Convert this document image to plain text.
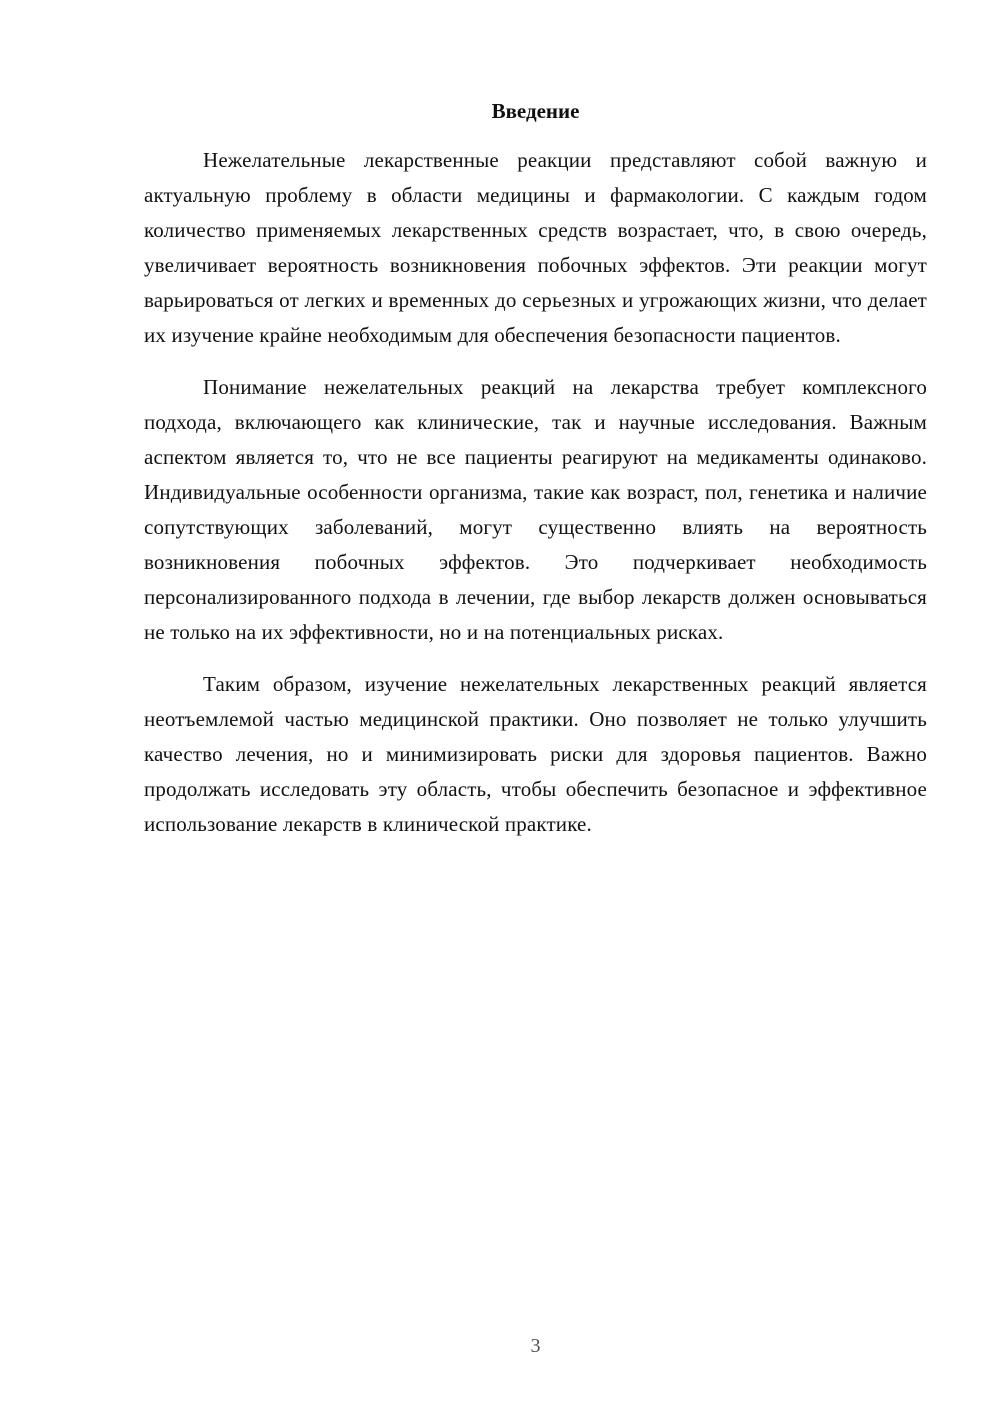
Введение

Нежелательные лекарственные реакции представляют собой важную и актуальную проблему в области медицины и фармакологии. С каждым годом количество применяемых лекарственных средств возрастает, что, в свою очередь, увеличивает вероятность возникновения побочных эффектов. Эти реакции могут варьироваться от легких и временных до серьезных и угрожающих жизни, что делает их изучение крайне необходимым для обеспечения безопасности пациентов.

Понимание нежелательных реакций на лекарства требует комплексного подхода, включающего как клинические, так и научные исследования. Важным аспектом является то, что не все пациенты реагируют на медикаменты одинаково. Индивидуальные особенности организма, такие как возраст, пол, генетика и наличие сопутствующих заболеваний, могут существенно влиять на вероятность возникновения побочных эффектов. Это подчеркивает необходимость персонализированного подхода в лечении, где выбор лекарств должен основываться не только на их эффективности, но и на потенциальных рисках.

Таким образом, изучение нежелательных лекарственных реакций является неотъемлемой частью медицинской практики. Оно позволяет не только улучшить качество лечения, но и минимизировать риски для здоровья пациентов. Важно продолжать исследовать эту область, чтобы обеспечить безопасное и эффективное использование лекарств в клинической практике.

3
